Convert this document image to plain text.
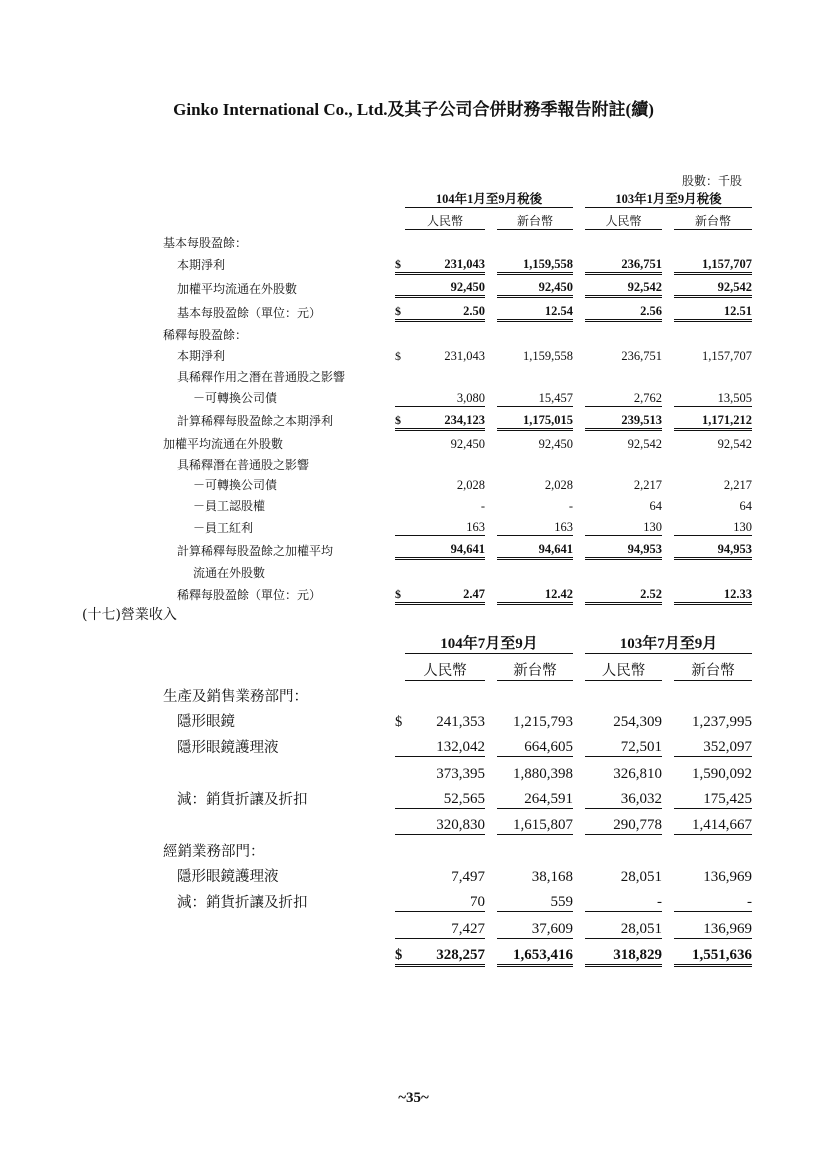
Ginko International Co., Ltd.及其子公司合併財務季報告附註(續)
股數：千股
		104年1月至9月稅後				103年1月至9月稅後		
		人民幣		新台幣		人民幣		新台幣
基本每股盈餘：								
本期淨利	$	231,043		1,159,558		236,751		1,157,707
加權平均流通在外股數		92,450		92,450		92,542		92,542
基本每股盈餘（單位：元）	$	2.50		12.54		2.56		12.51
稀釋每股盈餘：								
本期淨利	$	231,043		1,159,558		236,751		1,157,707
具稀釋作用之潛在普通股之影響								
－可轉換公司債		3,080		15,457		2,762		13,505
計算稀釋每股盈餘之本期淨利	$	234,123		1,175,015		239,513		1,171,212
加權平均流通在外股數		92,450		92,450		92,542		92,542
具稀釋潛在普通股之影響								
－可轉換公司債		2,028		2,028		2,217		2,217
－員工認股權		-		-		64		64
－員工紅利		163		163		130		130
計算稀釋每股盈餘之加權平均		94,641		94,641		94,953		94,953
流通在外股數								
稀釋每股盈餘（單位：元）	$	2.47		12.42		2.52		12.33
(十七)營業收入
		104年7月至9月				103年7月至9月		
		人民幣		新台幣		人民幣		新台幣
生產及銷售業務部門：								
隱形眼鏡	$	241,353		1,215,793		254,309		1,237,995
隱形眼鏡護理液		132,042		664,605		72,501		352,097
		373,395		1,880,398		326,810		1,590,092
減：銷貨折讓及折扣		52,565		264,591		36,032		175,425
		320,830		1,615,807		290,778		1,414,667
經銷業務部門：								
隱形眼鏡護理液		7,497		38,168		28,051		136,969
減：銷貨折讓及折扣		70		559		-		-
		7,427		37,609		28,051		136,969
	$	328,257		1,653,416		318,829		1,551,636
~35~
